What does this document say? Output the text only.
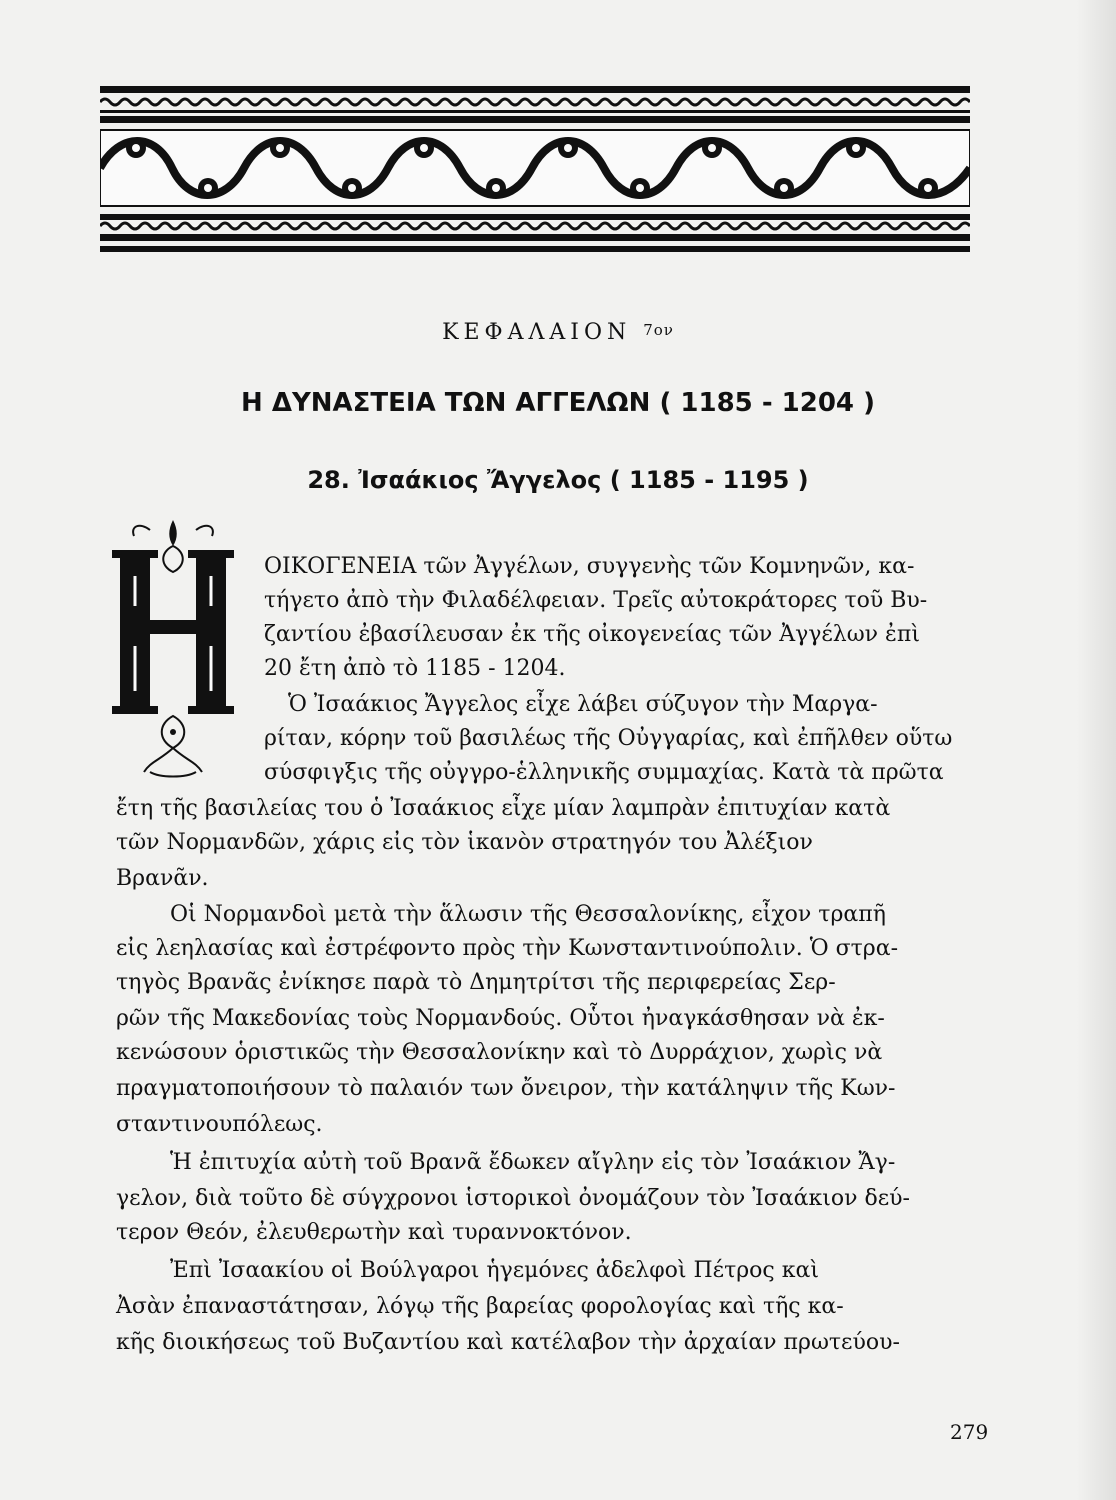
ΚΕΦΑΛΑΙΟΝ $^{7o\nu}$
Η ΔΥΝΑΣΤΕΙΑ ΤΩΝ ΑΓΓΕΛΩΝ ( 1185 - 1204 )
28. Ἰσαάκιος Ἄγγελος ( 1185 - 1195 )
ΟΙΚΟΓΕΝΕΙΑ τῶν Ἀγγέλων, συγγενὴς τῶν Κομνηνῶν, κα-
τήγετο ἀπὸ τὴν Φιλαδέλφειαν. Τρεῖς αὐτοκράτορες τοῦ Βυ-
ζαντίου ἐβασίλευσαν ἐκ τῆς οἰκογενείας τῶν Ἀγγέλων ἐπὶ
20 ἔτη ἀπὸ τὸ 1185 - 1204.
Ὁ Ἰσαάκιος Ἄγγελος εἶχε λάβει σύζυγον τὴν Μαργα-
ρίταν, κόρην τοῦ βασιλέως τῆς Οὐγγαρίας, καὶ ἐπῆλθεν οὕτω
σύσφιγξις τῆς οὐγγρο-ἑλληνικῆς συμμαχίας. Κατὰ τὰ πρῶτα
ἔτη τῆς βασιλείας του ὁ Ἰσαάκιος εἶχε μίαν λαμπρὰν ἐπιτυχίαν κατὰ
τῶν Νορμανδῶν, χάρις εἰς τὸν ἱκανὸν στρατηγόν του Ἀλέξιον
Βρανᾶν.
Οἱ Νορμανδοὶ μετὰ τὴν ἅλωσιν τῆς Θεσσαλονίκης, εἶχον τραπῆ
εἰς λεηλασίας καὶ ἐστρέφοντο πρὸς τὴν Κωνσταντινούπολιν. Ὁ στρα-
τηγὸς Βρανᾶς ἐνίκησε παρὰ τὸ Δημητρίτσι τῆς περιφερείας Σερ-
ρῶν τῆς Μακεδονίας τοὺς Νορμανδούς. Οὗτοι ἠναγκάσθησαν νὰ ἐκ-
κενώσουν ὁριστικῶς τὴν Θεσσαλονίκην καὶ τὸ Δυρράχιον, χωρὶς νὰ
πραγματοποιήσουν τὸ παλαιόν των ὄνειρον, τὴν κατάληψιν τῆς Κων-
σταντινουπόλεως.
Ἡ ἐπιτυχία αὐτὴ τοῦ Βρανᾶ ἔδωκεν αἴγλην εἰς τὸν Ἰσαάκιον Ἄγ-
γελον, διὰ τοῦτο δὲ σύγχρονοι ἱστορικοὶ ὀνομάζουν τὸν Ἰσαάκιον δεύ-
τερον Θεόν, ἐλευθερωτὴν καὶ τυραννοκτόνον.
Ἐπὶ Ἰσαακίου οἱ Βούλγαροι ἡγεμόνες ἀδελφοὶ Πέτρος καὶ
Ἀσὰν ἐπαναστάτησαν, λόγῳ τῆς βαρείας φορολογίας καὶ τῆς κα-
κῆς διοικήσεως τοῦ Βυζαντίου καὶ κατέλαβον τὴν ἀρχαίαν πρωτεύου-
279
